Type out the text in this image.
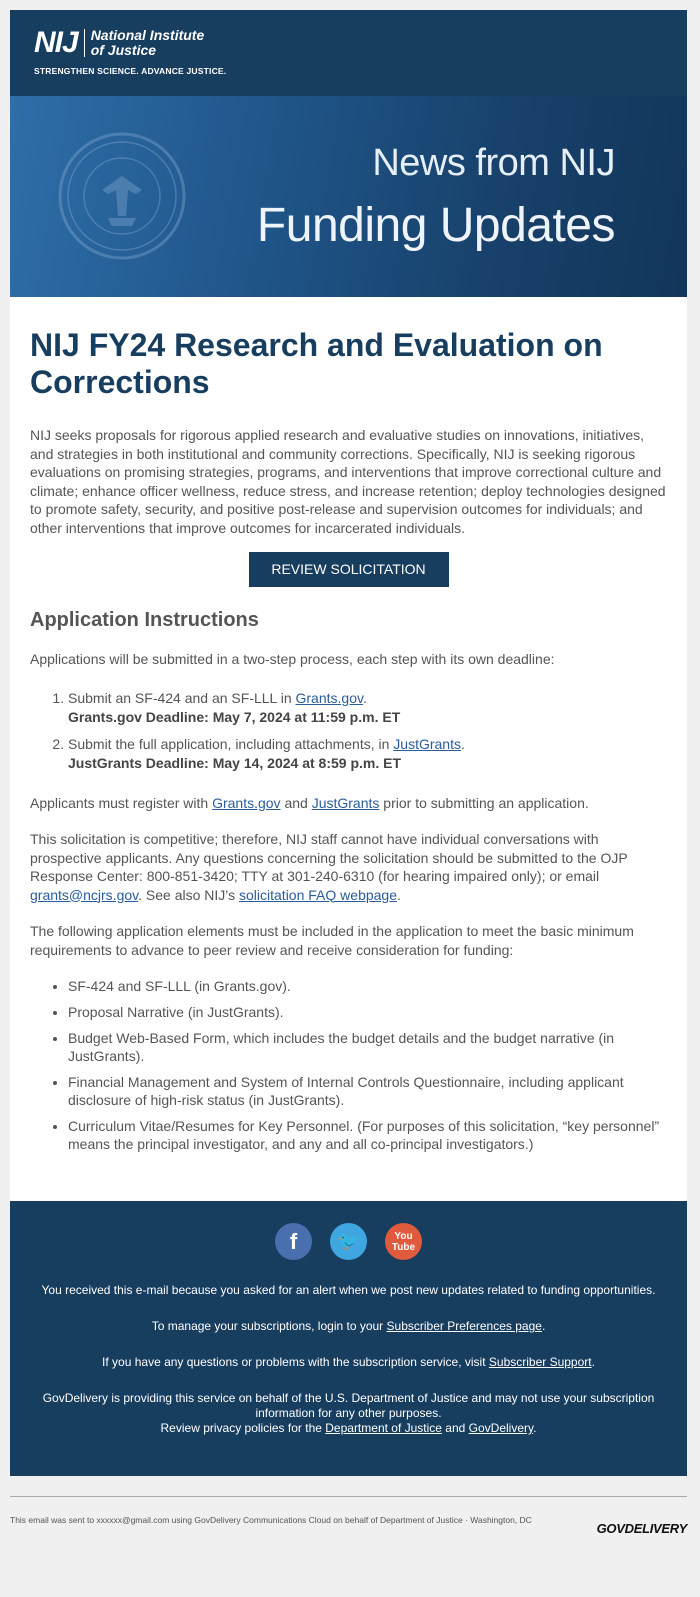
NIJ National Institute
of Justice
STRENGTHEN SCIENCE. ADVANCE JUSTICE.
News from NIJ
Funding Updates
NIJ FY24 Research and Evaluation on Corrections

NIJ seeks proposals for rigorous applied research and evaluative studies on innovations, initiatives, and strategies in both institutional and community corrections. Specifically, NIJ is seeking rigorous evaluations on promising strategies, programs, and interventions that improve correctional culture and climate; enhance officer wellness, reduce stress, and increase retention; deploy technologies designed to promote safety, security, and positive post-release and supervision outcomes for individuals; and other interventions that improve outcomes for incarcerated individuals.

REVIEW SOLICITATION
Application Instructions

Applications will be submitted in a two-step process, each step with its own deadline:

1. Submit an SF-424 and an SF-LLL in Grants.gov.
Grants.gov Deadline: May 7, 2024 at 11:59 p.m. ET
2. Submit the full application, including attachments, in JustGrants.
JustGrants Deadline: May 14, 2024 at 8:59 p.m. ET

Applicants must register with Grants.gov and JustGrants prior to submitting an application.

This solicitation is competitive; therefore, NIJ staff cannot have individual conversations with prospective applicants. Any questions concerning the solicitation should be submitted to the OJP Response Center: 800-851-3420; TTY at 301-240-6310 (for hearing impaired only); or email grants@ncjrs.gov. See also NIJ’s solicitation FAQ webpage.

The following application elements must be included in the application to meet the basic minimum requirements to advance to peer review and receive consideration for funding:

• SF-424 and SF-LLL (in Grants.gov).
• Proposal Narrative (in JustGrants).
• Budget Web-Based Form, which includes the budget details and the budget narrative (in JustGrants).
• Financial Management and System of Internal Controls Questionnaire, including applicant disclosure of high-risk status (in JustGrants).
• Curriculum Vitae/Resumes for Key Personnel. (For purposes of this solicitation, “key personnel” means the principal investigator, and any and all co-principal investigators.)
f	🐦	You Tube

You received this e-mail because you asked for an alert when we post new updates related to funding opportunities.

To manage your subscriptions, login to your Subscriber Preferences page.

If you have any questions or problems with the subscription service, visit Subscriber Support.

GovDelivery is providing this service on behalf of the U.S. Department of Justice and may not use your subscription information for any other purposes.
Review privacy policies for the Department of Justice and GovDelivery.

This email was sent to xxxxxx@gmail.com using GovDelivery Communications Cloud on behalf of Department of Justice · Washington, DC
GOVDELIVERY
